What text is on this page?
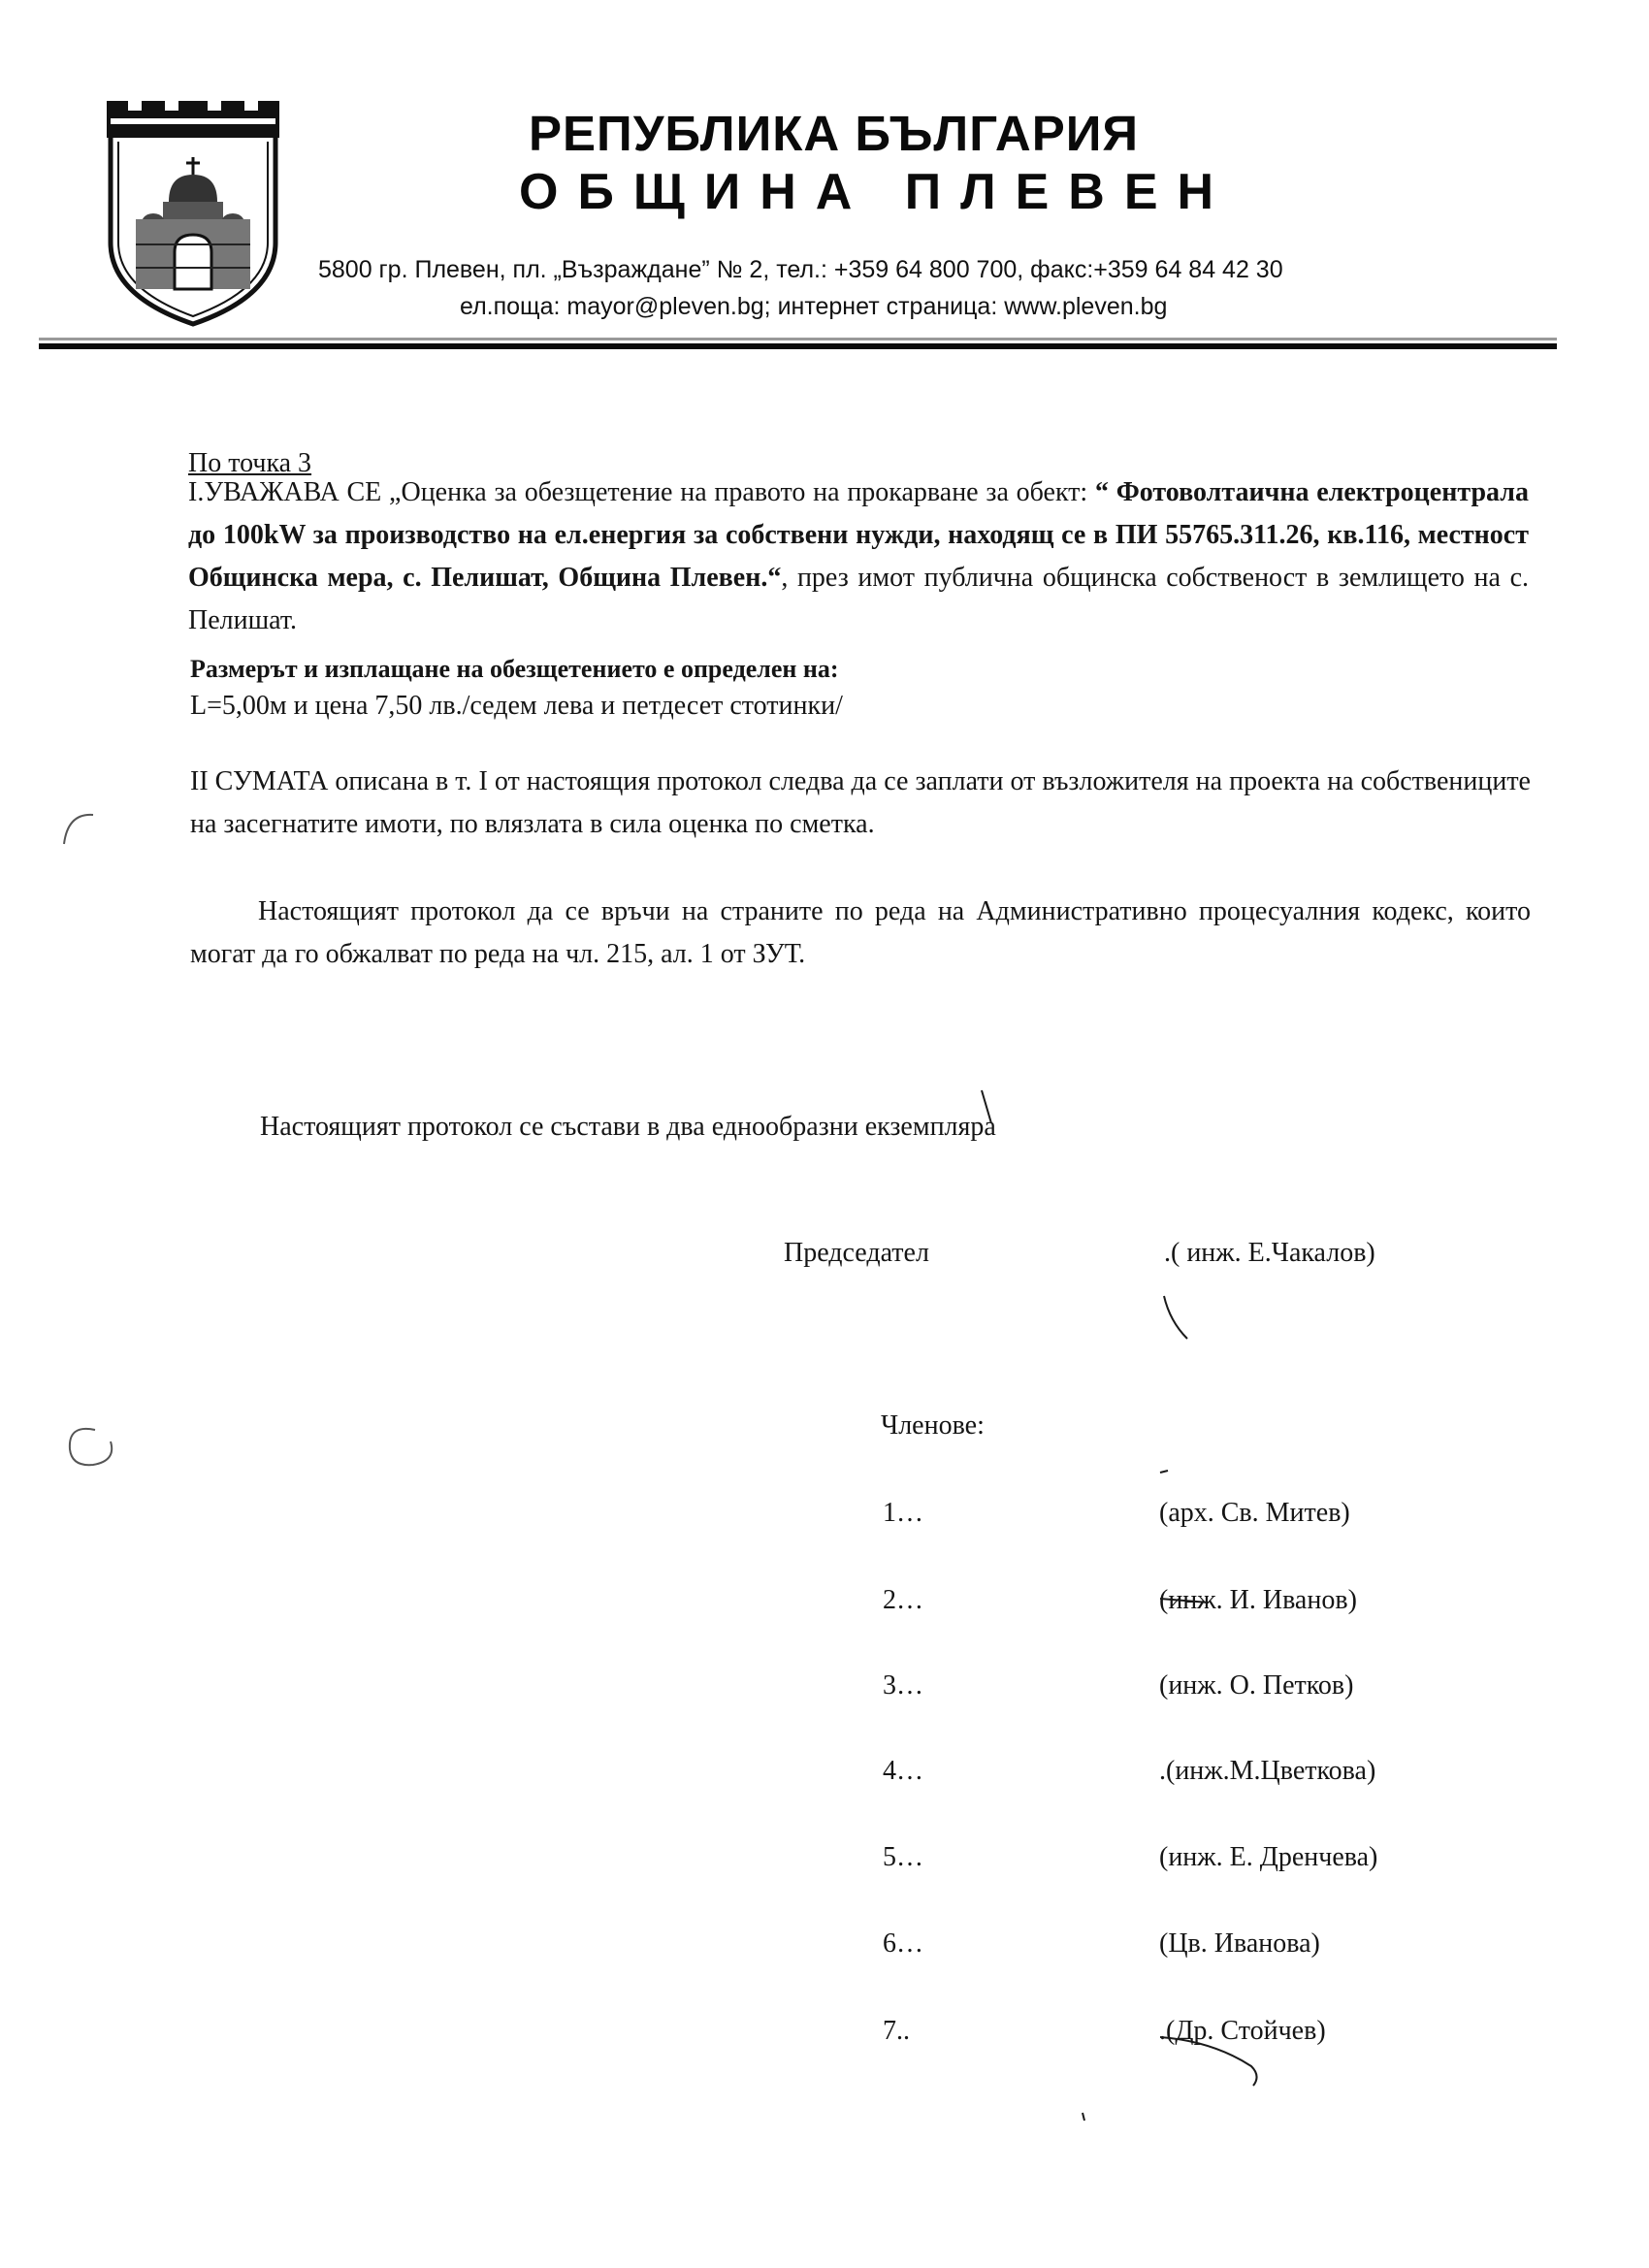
РЕПУБЛИКА БЪЛГАРИЯ
ОБЩИНА ПЛЕВЕН
5800 гр. Плевен, пл. „Възраждане” № 2, тел.: +359 64 800 700, факс:+359 64 84 42 30
ел.поща: mayor@pleven.bg; интернет страница: www.pleven.bg
По точка 3
I.УВАЖАВА СЕ „Оценка за обезщетение на правото на прокарване за обект: “ Фотоволтаична електроцентрала до 100kW за производство на ел.енергия за собствени нужди, находящ се в ПИ 55765.311.26, кв.116, местност Общинска мера, с. Пелишат, Община Плевен.“, през имот публична общинска собственост в землището на с. Пелишат.
Размерът и изплащане на обезщетението е определен на:
L=5,00м и цена 7,50 лв./седем лева и петдесет стотинки/
II СУМАТА описана в т. I от настоящия протокол следва да се заплати от възложителя на проекта на собствениците на засегнатите имоти, по влязлата в сила оценка по сметка.
Настоящият протокол да се връчи на страните по реда на Административно процесуалния кодекс, които могат да го обжалват по реда на чл. 215, ал. 1 от ЗУТ.
Настоящият протокол се състави в два еднообразни екземпляра
Председател	.( инж. Е.Чакалов)
Членове:
1…	(арх. Св. Митев)
2…	(инж. И. Иванов)
3…	(инж. О. Петков)
4…	.(инж.М.Цветкова)
5…	(инж. Е. Дренчева)
6…	(Цв. Иванова)
7..	.(Др. Стойчев)
